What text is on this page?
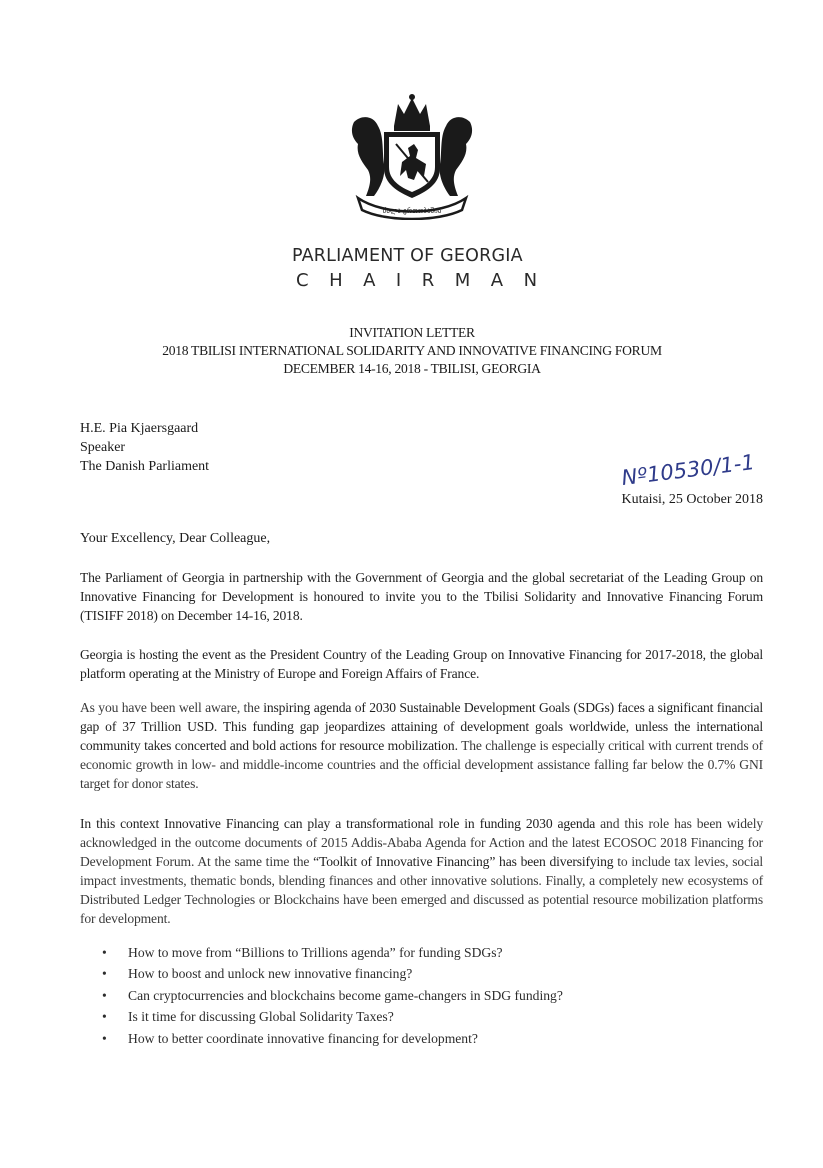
ძალა ერთობაშია
PARLIAMENT OF GEORGIA
CHAIRMAN
INVITATION LETTER
2018 TBILISI INTERNATIONAL SOLIDARITY AND INNOVATIVE FINANCING FORUM
DECEMBER 14-16, 2018 - TBILISI, GEORGIA
H.E. Pia Kjaersgaard
Speaker
The Danish Parliament	Nº10530/1-1
Kutaisi, 25 October 2018
Your Excellency, Dear Colleague,
The Parliament of Georgia in partnership with the Government of Georgia and the global secretariat of the Leading Group on Innovative Financing for Development is honoured to invite you to the Tbilisi Solidarity and Innovative Financing Forum (TISIFF 2018) on December 14-16, 2018.
Georgia is hosting the event as the President Country of the Leading Group on Innovative Financing for 2017-2018, the global platform operating at the Ministry of Europe and Foreign Affairs of France.
As you have been well aware, the inspiring agenda of 2030 Sustainable Development Goals (SDGs) faces a significant financial gap of 37 Trillion USD. This funding gap jeopardizes attaining of development goals worldwide, unless the international community takes concerted and bold actions for resource mobilization. The challenge is especially critical with current trends of economic growth in low- and middle-income countries and the official development assistance falling far below the 0.7% GNI target for donor states.
In this context Innovative Financing can play a transformational role in funding 2030 agenda and this role has been widely acknowledged in the outcome documents of 2015 Addis-Ababa Agenda for Action and the latest ECOSOC 2018 Financing for Development Forum. At the same time the “Toolkit of Innovative Financing” has been diversifying to include tax levies, social impact investments, thematic bonds, blending finances and other innovative solutions. Finally, a completely new ecosystems of Distributed Ledger Technologies or Blockchains have been emerged and discussed as potential resource mobilization platforms for development.
• How to move from “Billions to Trillions agenda” for funding SDGs?
• How to boost and unlock new innovative financing?
• Can cryptocurrencies and blockchains become game-changers in SDG funding?
• Is it time for discussing Global Solidarity Taxes?
• How to better coordinate innovative financing for development?
